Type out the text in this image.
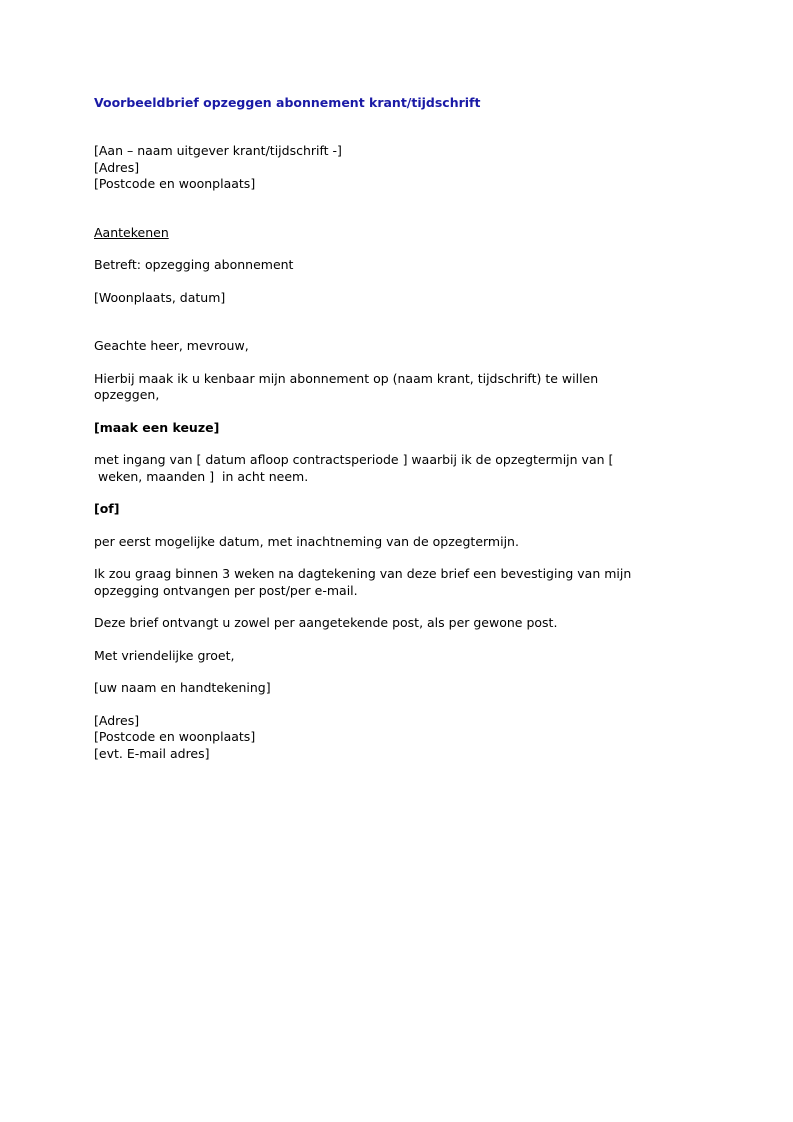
Voorbeeldbrief opzeggen abonnement krant/tijdschrift

[Aan – naam uitgever krant/tijdschrift -]

[Adres]

[Postcode en woonplaats]

Aantekenen

Betreft: opzegging abonnement

[Woonplaats, datum]

Geachte heer, mevrouw,

Hierbij maak ik u kenbaar mijn abonnement op (naam krant, tijdschrift) te willen

opzeggen,

[maak een keuze]

met ingang van [ datum afloop contractsperiode ] waarbij ik de opzegtermijn van [

weken, maanden ]  in acht neem.

[of]

per eerst mogelijke datum, met inachtneming van de opzegtermijn.

Ik zou graag binnen 3 weken na dagtekening van deze brief een bevestiging van mijn

opzegging ontvangen per post/per e-mail.

Deze brief ontvangt u zowel per aangetekende post, als per gewone post.

Met vriendelijke groet,

[uw naam en handtekening]

[Adres]

[Postcode en woonplaats]

[evt. E-mail adres]
